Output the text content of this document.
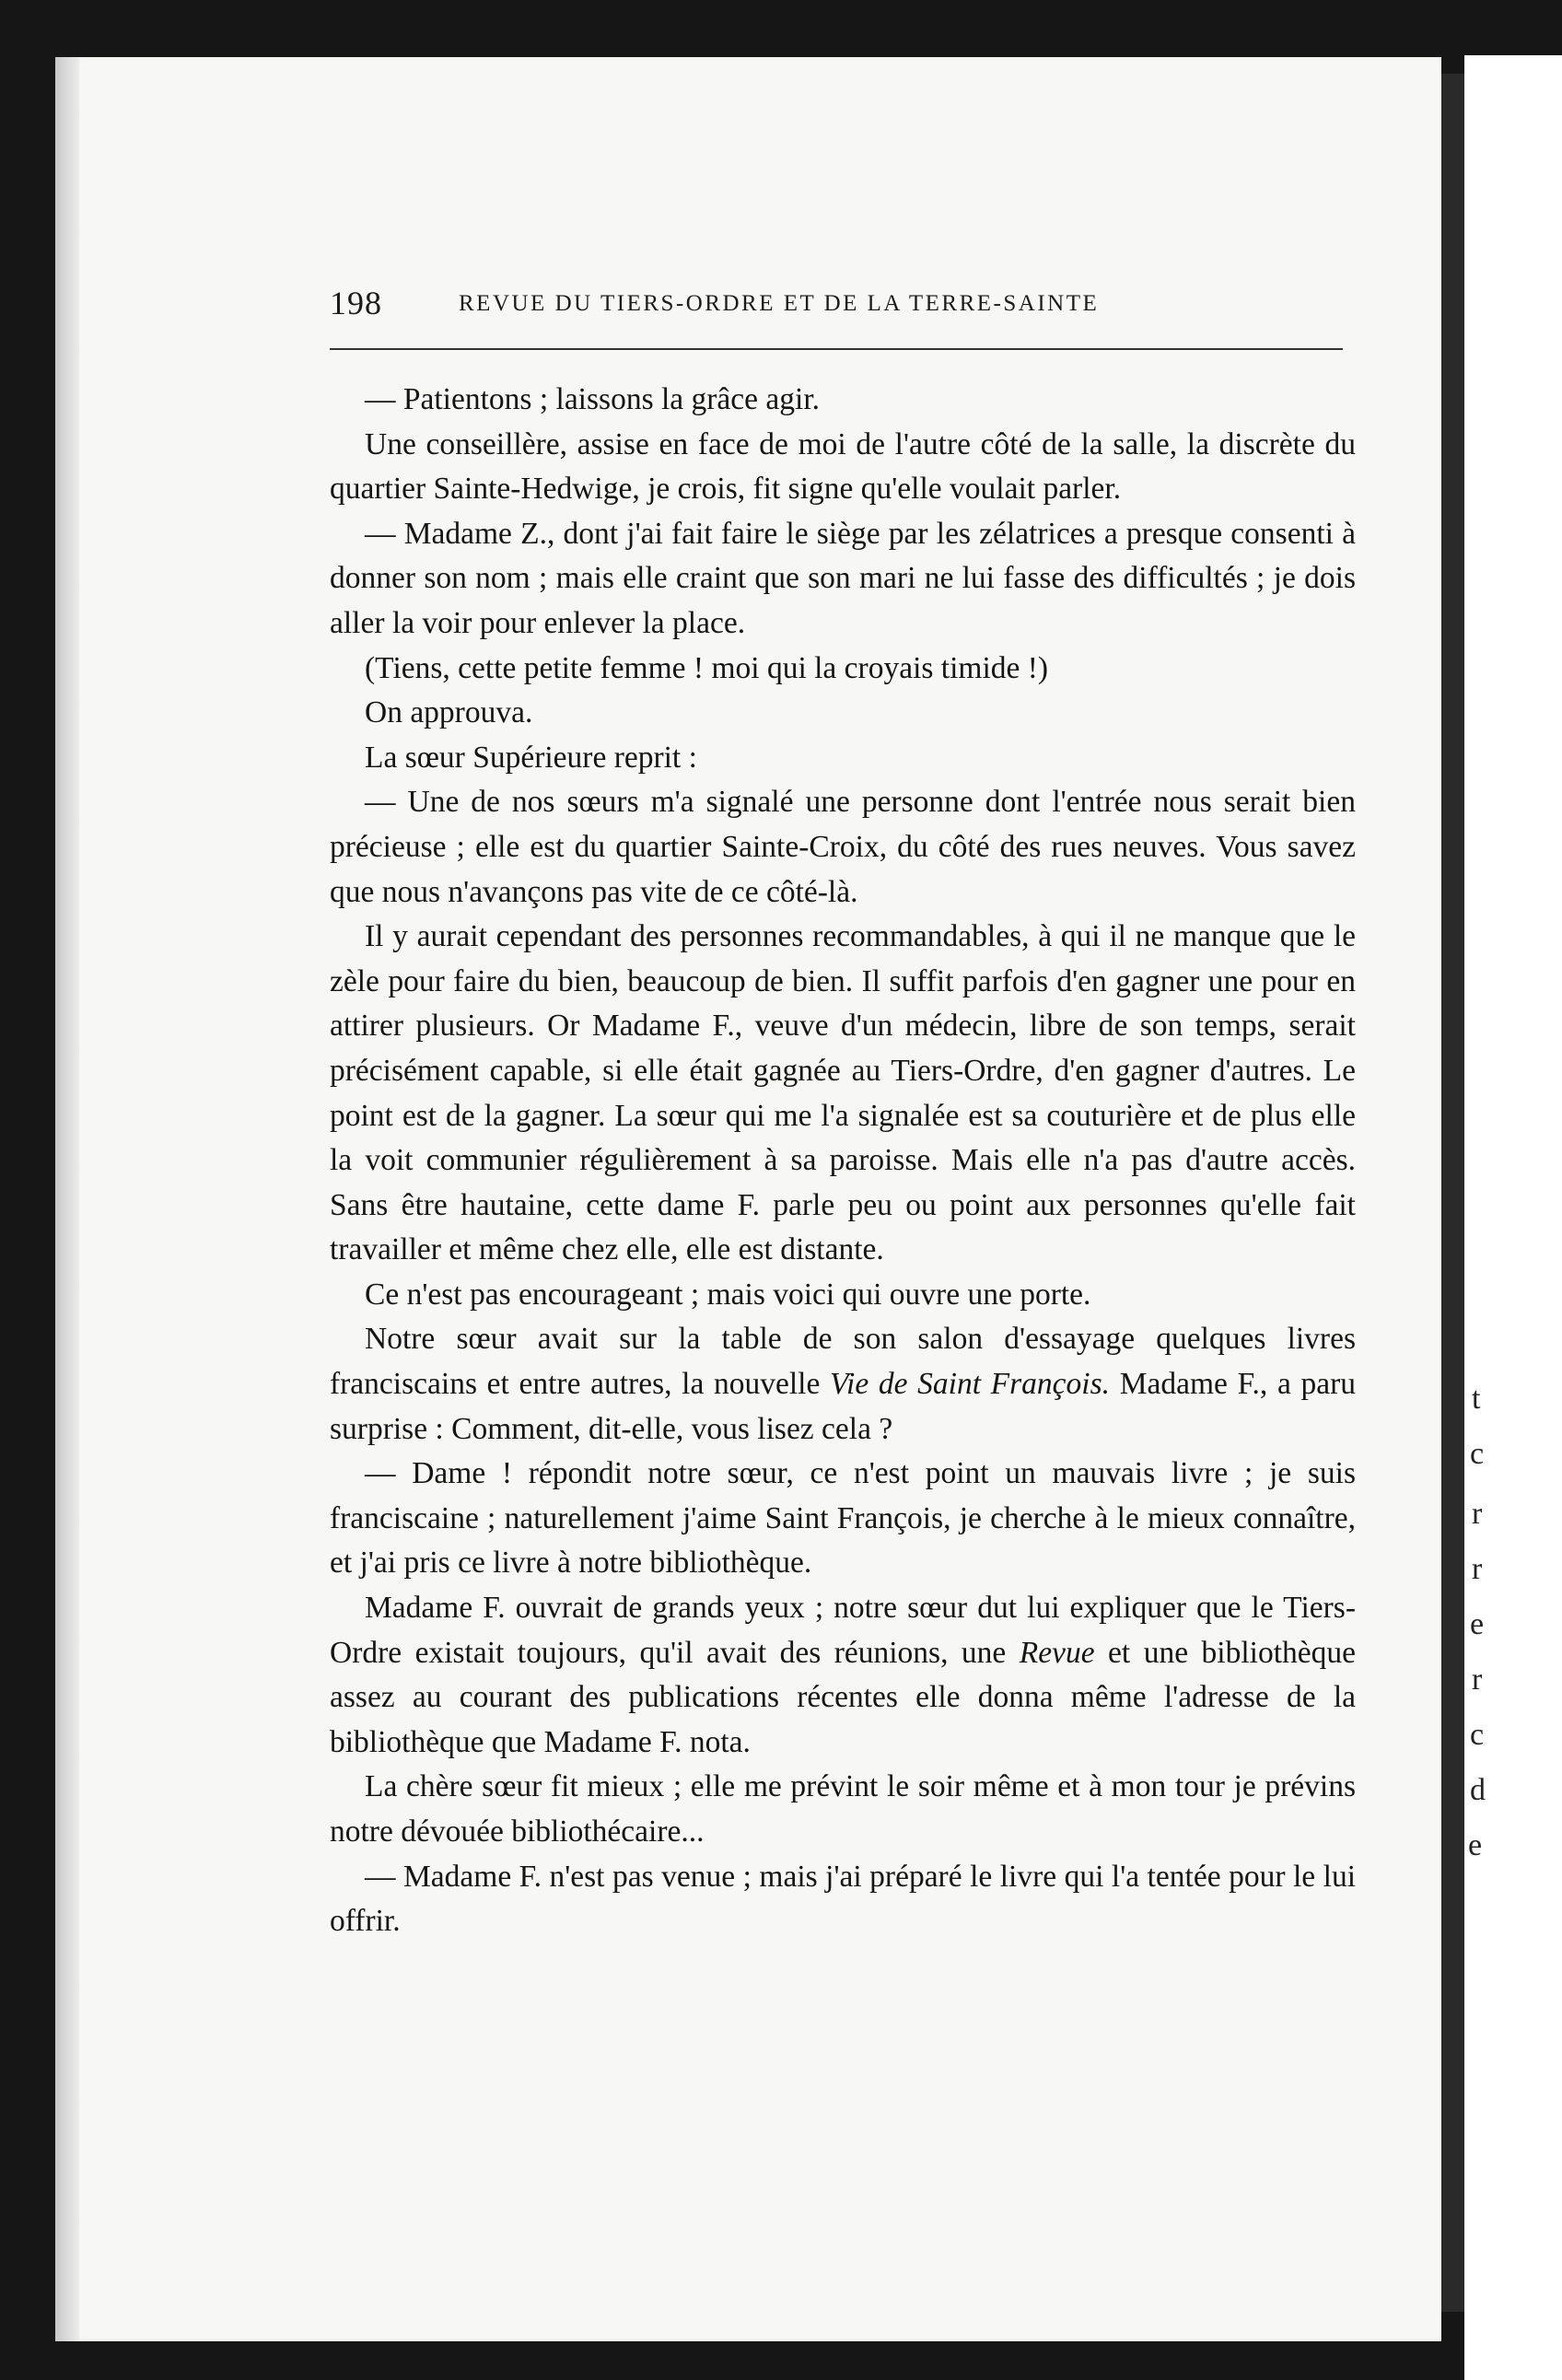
t
c
r
r
e
r
c
d
e
198	REVUE DU TIERS-ORDRE ET DE LA TERRE-SAINTE

— Patientons ; laissons la grâce agir.

Une conseillère, assise en face de moi de l'autre côté de la salle, la discrète du quartier Sainte-Hedwige, je crois, fit signe qu'elle voulait parler.

— Madame Z., dont j'ai fait faire le siège par les zélatrices a presque consenti à donner son nom ; mais elle craint que son mari ne lui fasse des difficultés ; je dois aller la voir pour enlever la place.

(Tiens, cette petite femme ! moi qui la croyais timide !)

On approuva.

La sœur Supérieure reprit :

— Une de nos sœurs m'a signalé une personne dont l'entrée nous serait bien précieuse ; elle est du quartier Sainte-Croix, du côté des rues neuves. Vous savez que nous n'avançons pas vite de ce côté-là.

Il y aurait cependant des personnes recommandables, à qui il ne manque que le zèle pour faire du bien, beaucoup de bien. Il suffit parfois d'en gagner une pour en attirer plusieurs. Or Madame F., veuve d'un médecin, libre de son temps, serait précisément capable, si elle était gagnée au Tiers-Ordre, d'en gagner d'autres. Le point est de la gagner. La sœur qui me l'a signalée est sa couturière et de plus elle la voit communier régulièrement à sa paroisse. Mais elle n'a pas d'autre accès. Sans être hautaine, cette dame F. parle peu ou point aux personnes qu'elle fait travailler et même chez elle, elle est distante.

Ce n'est pas encourageant ; mais voici qui ouvre une porte.

Notre sœur avait sur la table de son salon d'essayage quelques livres franciscains et entre autres, la nouvelle Vie de Saint François. Madame F., a paru surprise : Comment, dit-elle, vous lisez cela ?

— Dame ! répondit notre sœur, ce n'est point un mauvais livre ; je suis franciscaine ; naturellement j'aime Saint François, je cherche à le mieux connaître, et j'ai pris ce livre à notre bibliothèque.

Madame F. ouvrait de grands yeux ; notre sœur dut lui expliquer que le Tiers-Ordre existait toujours, qu'il avait des réunions, une Revue et une bibliothèque assez au courant des publications récentes elle donna même l'adresse de la bibliothèque que Madame F. nota.

La chère sœur fit mieux ; elle me prévint le soir même et à mon tour je prévins notre dévouée bibliothécaire...

— Madame F. n'est pas venue ; mais j'ai préparé le livre qui l'a tentée pour le lui offrir.
